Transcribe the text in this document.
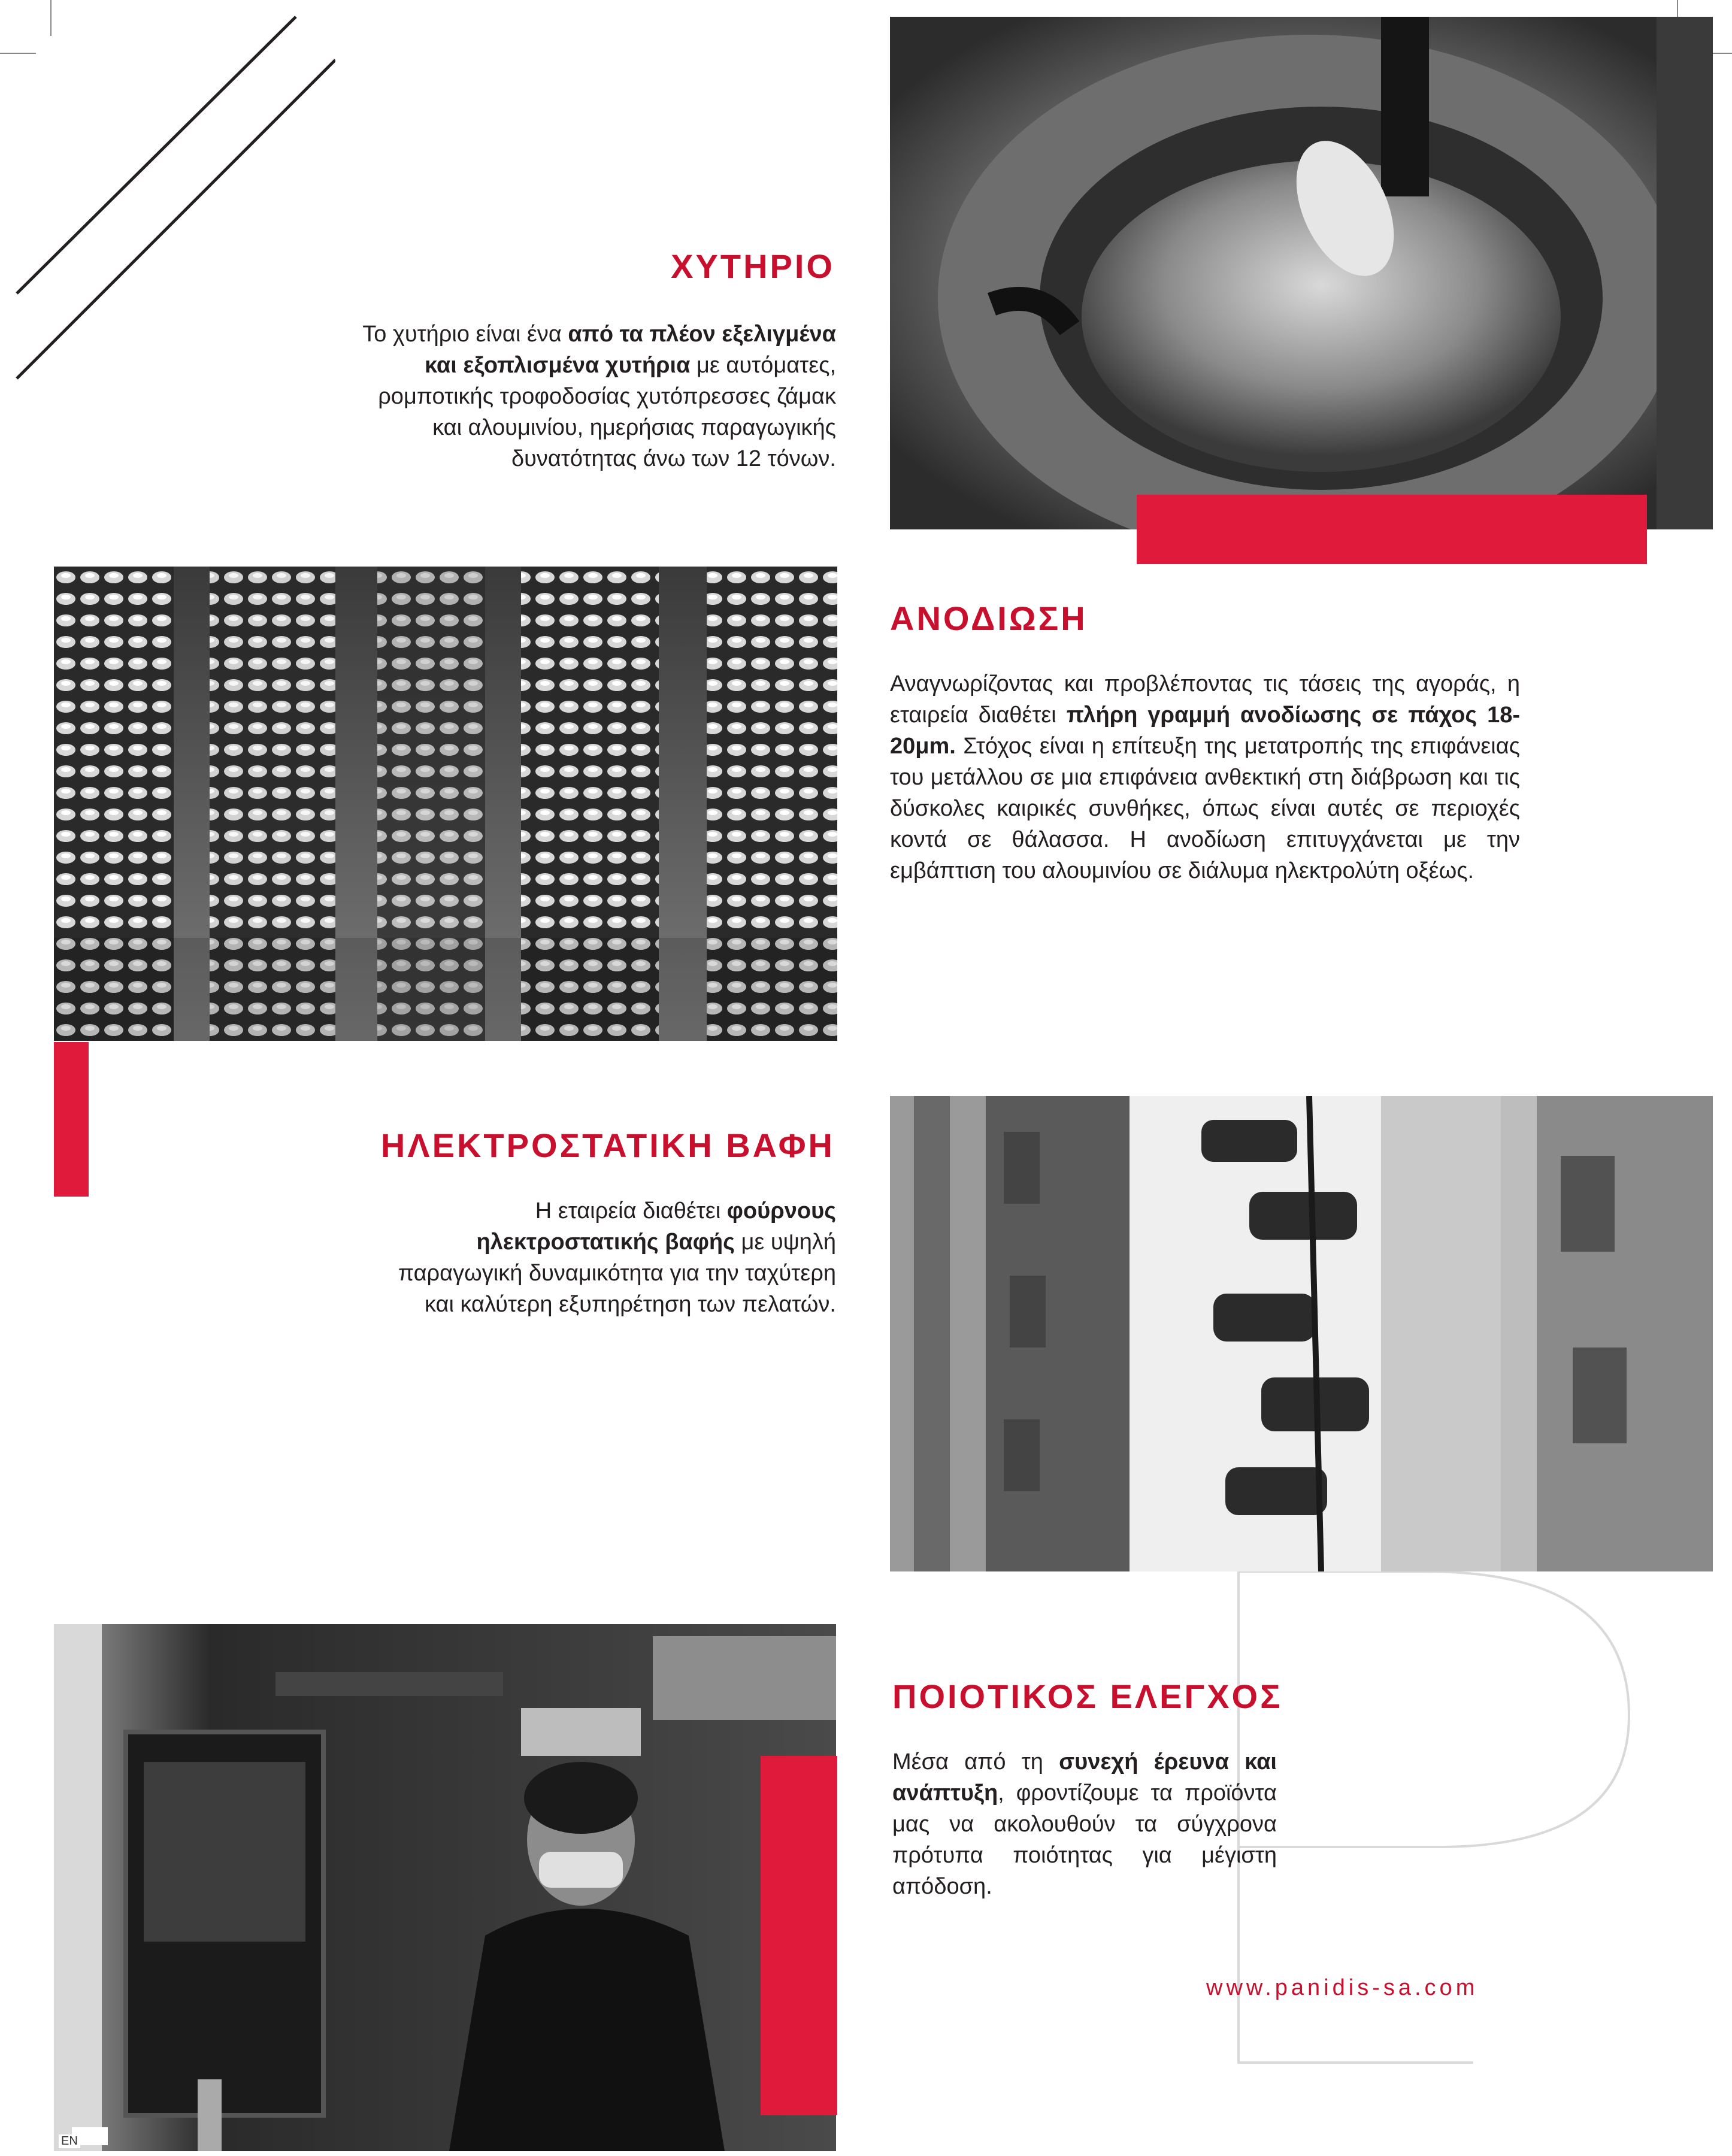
ΧΥΤΗΡΙΟ
Το χυτήριο είναι ένα από τα πλέον εξελιγμένα και εξοπλισμένα χυτήρια με αυτόματες, ρομποτικής τροφοδοσίας χυτόπρεσσες ζάμακ και αλουμινίου, ημερήσιας παραγωγικής δυνατότητας άνω των 12 τόνων.
ΑΝΟΔΙΩΣΗ
Αναγνωρίζοντας και προβλέποντας τις τάσεις της αγοράς, η εταιρεία διαθέτει πλήρη γραμμή ανοδίωσης σε πάχος 18-20μm. Στόχος είναι η επίτευξη της μετατροπής της επιφάνειας του μετάλλου σε μια επιφάνεια ανθεκτική στη διάβρωση και τις δύσκολες καιρικές συνθήκες, όπως είναι αυτές σε περιοχές κοντά σε θάλασσα. Η ανοδίωση επιτυγχάνεται με την εμβάπτιση του αλουμινίου σε διάλυμα ηλεκτρολύτη οξέως.
ΗΛΕΚΤΡΟΣΤΑΤΙΚΗ ΒΑΦΗ
Η εταιρεία διαθέτει φούρνους ηλεκτροστατικής βαφής με υψηλή παραγωγική δυναμικότητα για την ταχύτερη και καλύτερη εξυπηρέτηση των πελατών.
EN
ΠΟΙΟΤΙΚΟΣ ΕΛΕΓΧΟΣ
Μέσα από τη συνεχή έρευνα και ανάπτυξη, φροντίζουμε τα προϊόντα μας να ακολουθούν τα σύγχρονα πρότυπα ποιότητας για μέγιστη απόδοση.
www.panidis-sa.com
